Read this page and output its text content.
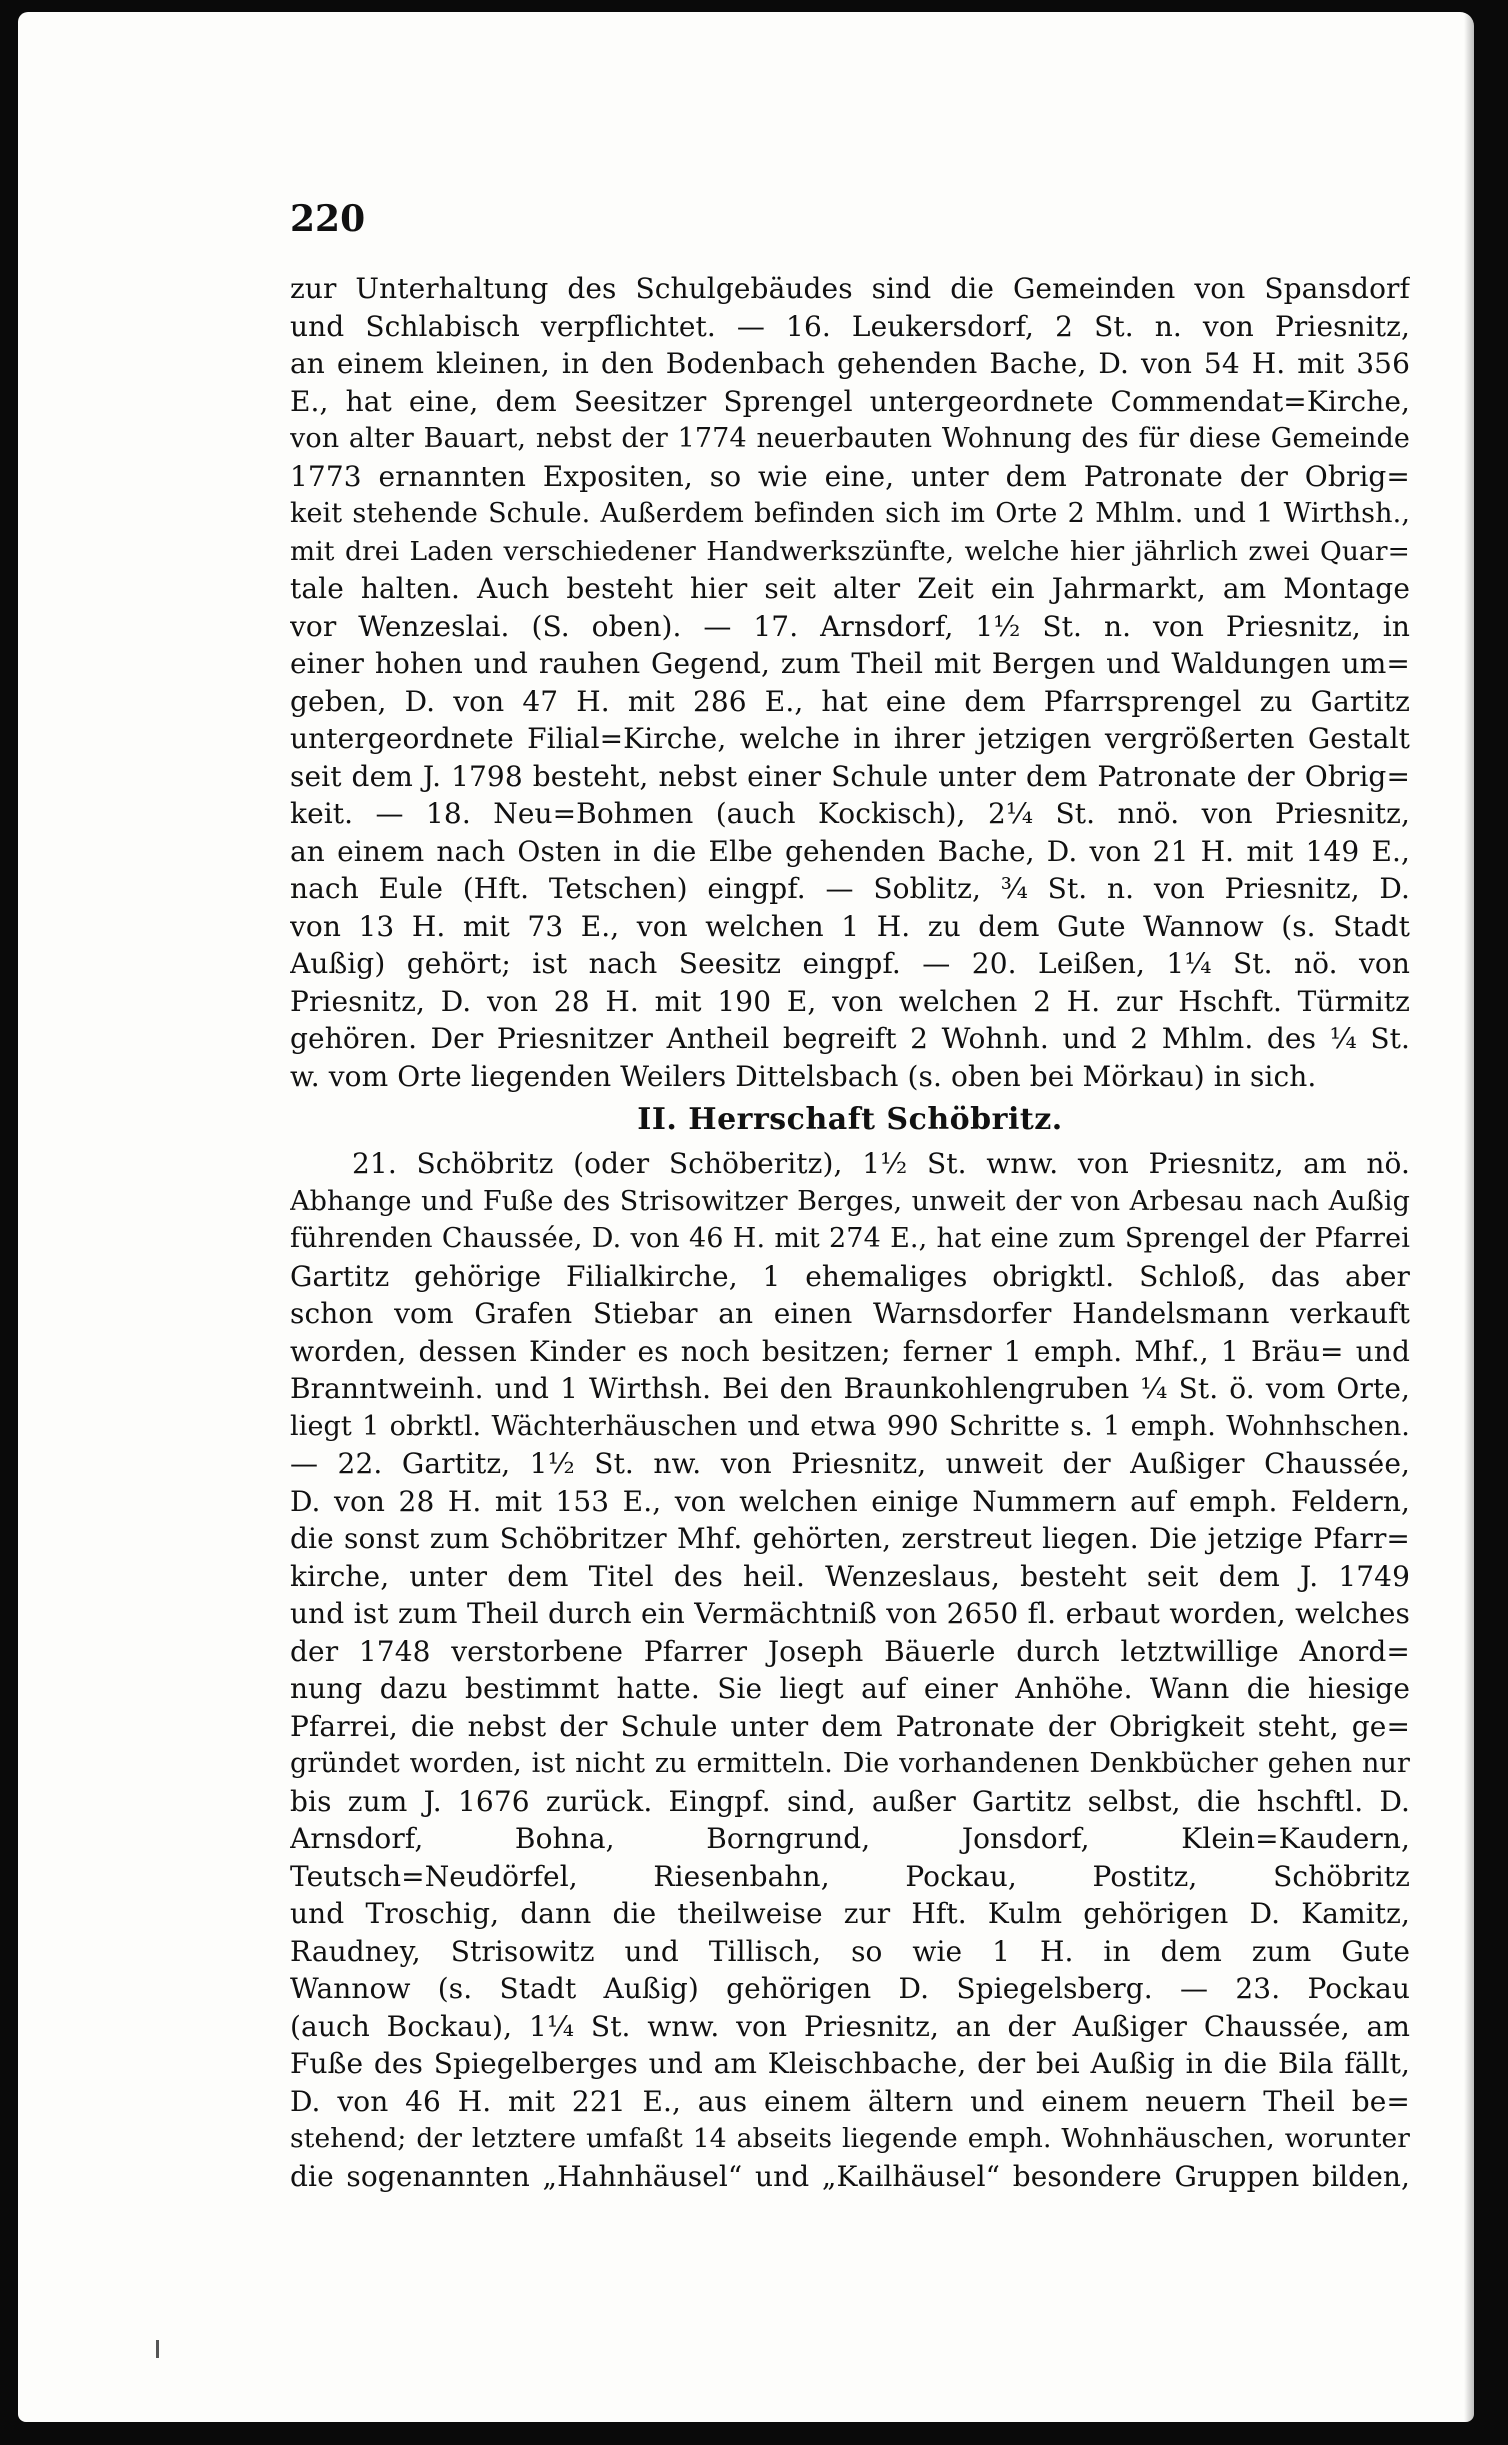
220
zur Unterhaltung des Schulgebäudes sind die Gemeinden von Spansdorf
und Schlabisch verpflichtet. — 16. Leukersdorf, 2 St. n. von Priesnitz,
an einem kleinen, in den Bodenbach gehenden Bache, D. von 54 H. mit 356
E., hat eine, dem Seesitzer Sprengel untergeordnete Commendat=Kirche,
von alter Bauart, nebst der 1774 neuerbauten Wohnung des für diese Gemeinde
1773 ernannten Expositen, so wie eine, unter dem Patronate der Obrig=
keit stehende Schule. Außerdem befinden sich im Orte 2 Mhlm. und 1 Wirthsh.,
mit drei Laden verschiedener Handwerkszünfte, welche hier jährlich zwei Quar=
tale halten. Auch besteht hier seit alter Zeit ein Jahrmarkt, am Montage
vor Wenzeslai. (S. oben). — 17. Arnsdorf, 1½ St. n. von Priesnitz, in
einer hohen und rauhen Gegend, zum Theil mit Bergen und Waldungen um=
geben, D. von 47 H. mit 286 E., hat eine dem Pfarrsprengel zu Gartitz
untergeordnete Filial=Kirche, welche in ihrer jetzigen vergrößerten Gestalt
seit dem J. 1798 besteht, nebst einer Schule unter dem Patronate der Obrig=
keit. — 18. Neu=Bohmen (auch Kockisch), 2¼ St. nnö. von Priesnitz,
an einem nach Osten in die Elbe gehenden Bache, D. von 21 H. mit 149 E.,
nach Eule (Hft. Tetschen) eingpf. — Soblitz, ¾ St. n. von Priesnitz, D.
von 13 H. mit 73 E., von welchen 1 H. zu dem Gute Wannow (s. Stadt
Außig) gehört; ist nach Seesitz eingpf. — 20. Leißen, 1¼ St. nö. von
Priesnitz, D. von 28 H. mit 190 E, von welchen 2 H. zur Hschft. Türmitz
gehören. Der Priesnitzer Antheil begreift 2 Wohnh. und 2 Mhlm. des ¼ St.
w. vom Orte liegenden Weilers Dittelsbach (s. oben bei Mörkau) in sich.
II. Herrschaft Schöbritz.
21. Schöbritz (oder Schöberitz), 1½ St. wnw. von Priesnitz, am nö.
Abhange und Fuße des Strisowitzer Berges, unweit der von Arbesau nach Außig
führenden Chaussée, D. von 46 H. mit 274 E., hat eine zum Sprengel der Pfarrei
Gartitz gehörige Filialkirche, 1 ehemaliges obrigktl. Schloß, das aber
schon vom Grafen Stiebar an einen Warnsdorfer Handelsmann verkauft
worden, dessen Kinder es noch besitzen; ferner 1 emph. Mhf., 1 Bräu= und
Branntweinh. und 1 Wirthsh. Bei den Braunkohlengruben ¼ St. ö. vom Orte,
liegt 1 obrktl. Wächterhäuschen und etwa 990 Schritte s. 1 emph. Wohnhschen.
— 22. Gartitz, 1½ St. nw. von Priesnitz, unweit der Außiger Chaussée,
D. von 28 H. mit 153 E., von welchen einige Nummern auf emph. Feldern,
die sonst zum Schöbritzer Mhf. gehörten, zerstreut liegen. Die jetzige Pfarr=
kirche, unter dem Titel des heil. Wenzeslaus, besteht seit dem J. 1749
und ist zum Theil durch ein Vermächtniß von 2650 fl. erbaut worden, welches
der 1748 verstorbene Pfarrer Joseph Bäuerle durch letztwillige Anord=
nung dazu bestimmt hatte. Sie liegt auf einer Anhöhe. Wann die hiesige
Pfarrei, die nebst der Schule unter dem Patronate der Obrigkeit steht, ge=
gründet worden, ist nicht zu ermitteln. Die vorhandenen Denkbücher gehen nur
bis zum J. 1676 zurück. Eingpf. sind, außer Gartitz selbst, die hschftl. D.
Arnsdorf, Bohna, Borngrund, Jonsdorf, Klein=Kaudern,
Teutsch=Neudörfel, Riesenbahn, Pockau, Postitz, Schöbritz
und Troschig, dann die theilweise zur Hft. Kulm gehörigen D. Kamitz,
Raudney, Strisowitz und Tillisch, so wie 1 H. in dem zum Gute
Wannow (s. Stadt Außig) gehörigen D. Spiegelsberg. — 23. Pockau
(auch Bockau), 1¼ St. wnw. von Priesnitz, an der Außiger Chaussée, am
Fuße des Spiegelberges und am Kleischbache, der bei Außig in die Bila fällt,
D. von 46 H. mit 221 E., aus einem ältern und einem neuern Theil be=
stehend; der letztere umfaßt 14 abseits liegende emph. Wohnhäuschen, worunter
die sogenannten „Hahnhäusel“ und „Kailhäusel“ besondere Gruppen bilden,
